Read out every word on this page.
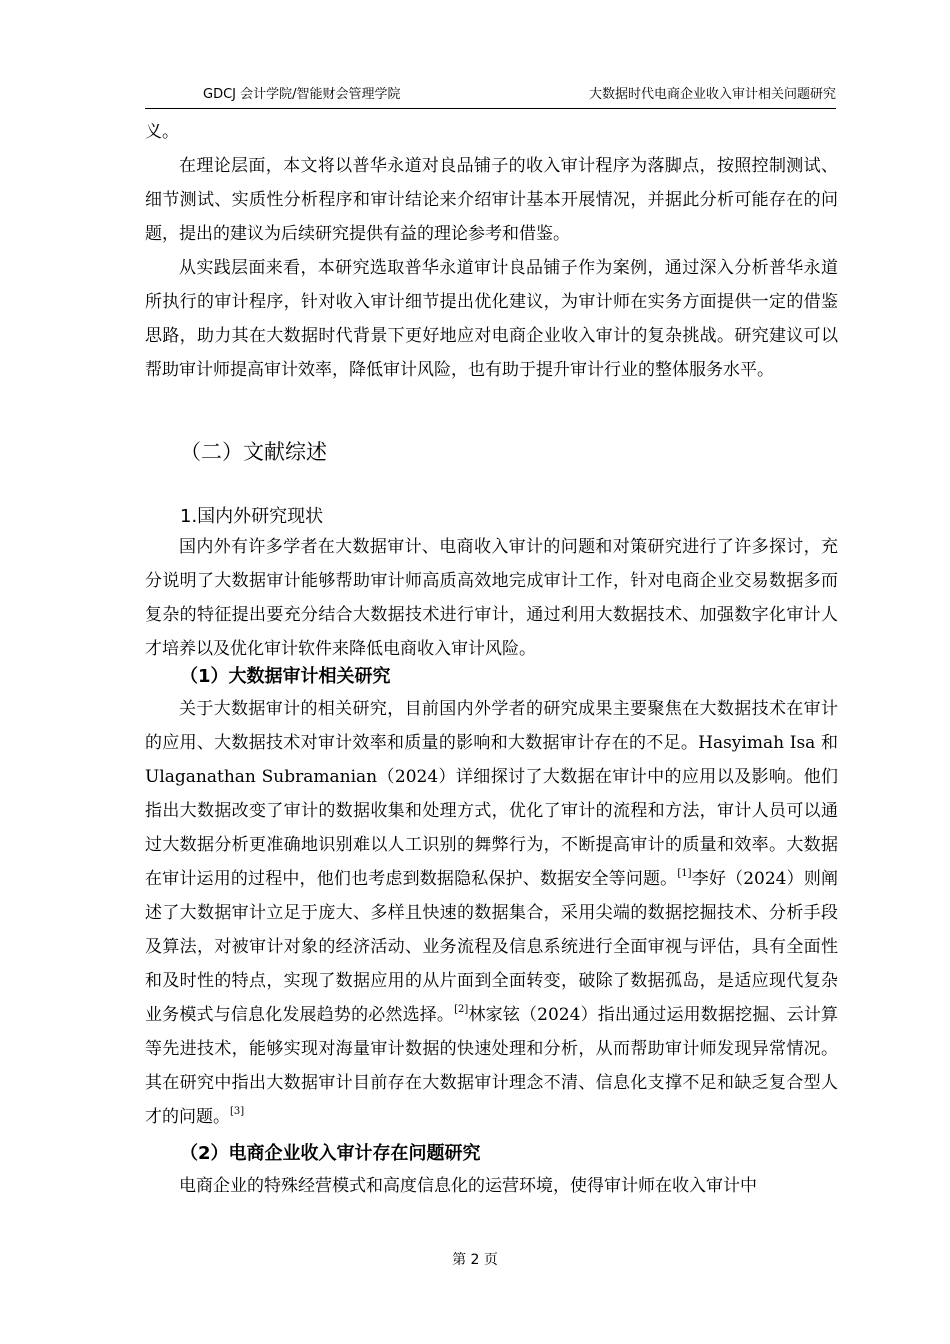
GDCJ 会计学院/智能财会管理学院	大数据时代电商企业收入审计相关问题研究

义。

在理论层面，本文将以普华永道对良品铺子的收入审计程序为落脚点，按照控制测试、细节测试、实质性分析程序和审计结论来介绍审计基本开展情况，并据此分析可能存在的问题，提出的建议为后续研究提供有益的理论参考和借鉴。

从实践层面来看，本研究选取普华永道审计良品铺子作为案例，通过深入分析普华永道所执行的审计程序，针对收入审计细节提出优化建议，为审计师在实务方面提供一定的借鉴思路，助力其在大数据时代背景下更好地应对电商企业收入审计的复杂挑战。研究建议可以帮助审计师提高审计效率，降低审计风险，也有助于提升审计行业的整体服务水平。

（二）文献综述
1.国内外研究现状

国内外有许多学者在大数据审计、电商收入审计的问题和对策研究进行了许多探讨，充分说明了大数据审计能够帮助审计师高质高效地完成审计工作，针对电商企业交易数据多而复杂的特征提出要充分结合大数据技术进行审计，通过利用大数据技术、加强数字化审计人才培养以及优化审计软件来降低电商收入审计风险。

（1）大数据审计相关研究

关于大数据审计的相关研究，目前国内外学者的研究成果主要聚焦在大数据技术在审计的应用、大数据技术对审计效率和质量的影响和大数据审计存在的不足。Hasyimah Isa 和 Ulaganathan Subramanian（2024）详细探讨了大数据在审计中的应用以及影响。他们指出大数据改变了审计的数据收集和处理方式，优化了审计的流程和方法，审计人员可以通过大数据分析更准确地识别难以人工识别的舞弊行为，不断提高审计的质量和效率。大数据在审计运用的过程中，他们也考虑到数据隐私保护、数据安全等问题。[1]李好（2024）则阐述了大数据审计立足于庞大、多样且快速的数据集合，采用尖端的数据挖掘技术、分析手段及算法，对被审计对象的经济活动、业务流程及信息系统进行全面审视与评估，具有全面性和及时性的特点，实现了数据应用的从片面到全面转变，破除了数据孤岛，是适应现代复杂业务模式与信息化发展趋势的必然选择。[2]林家铉（2024）指出通过运用数据挖掘、云计算等先进技术，能够实现对海量审计数据的快速处理和分析，从而帮助审计师发现异常情况。其在研究中指出大数据审计目前存在大数据审计理念不清、信息化支撑不足和缺乏复合型人才的问题。[3]

（2）电商企业收入审计存在问题研究

电商企业的特殊经营模式和高度信息化的运营环境，使得审计师在收入审计中

第 2 页
